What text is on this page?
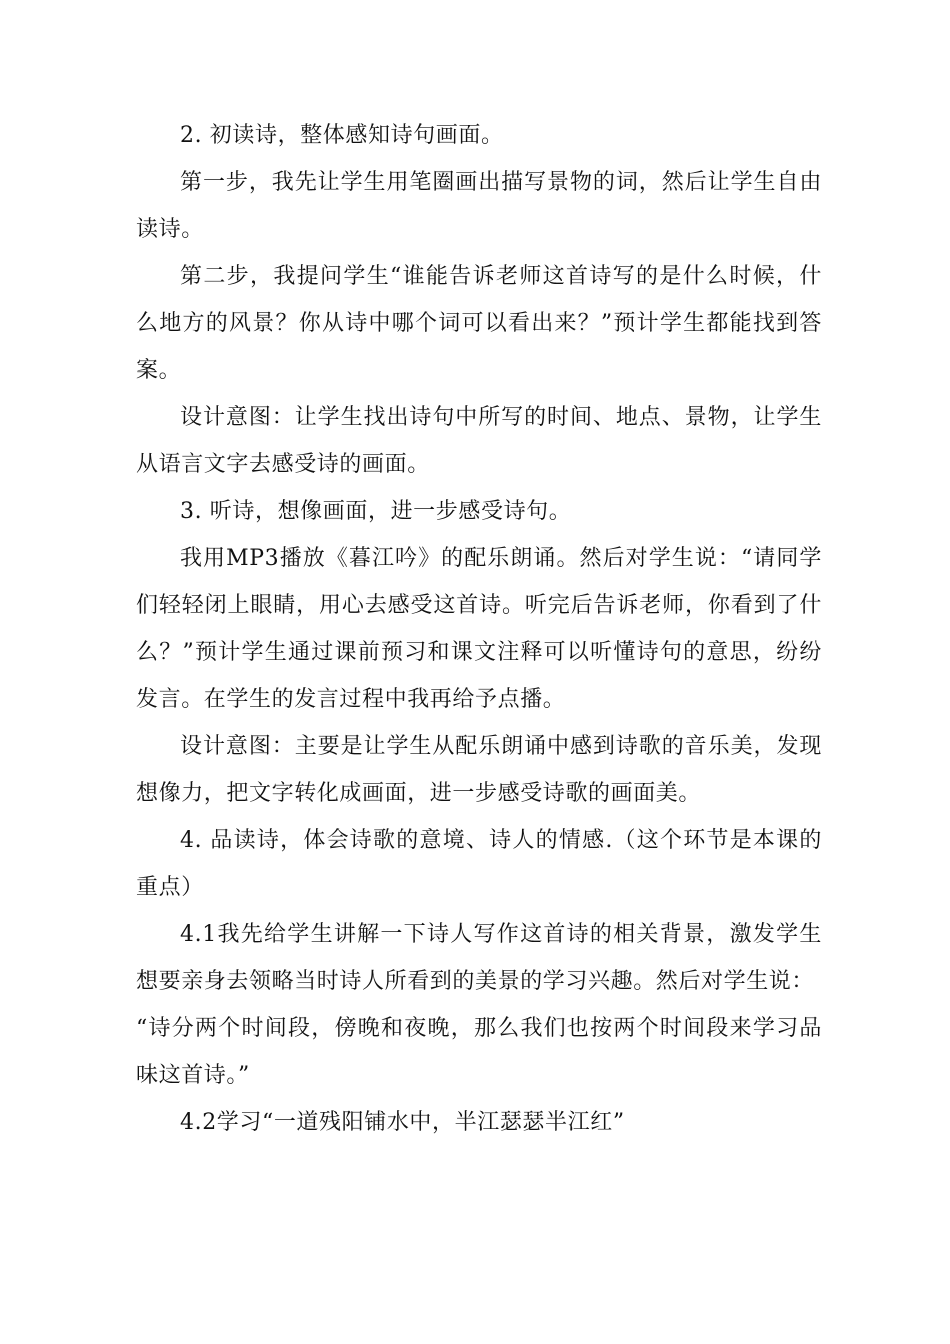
2. 初读诗，整体感知诗句画面。

第一步，我先让学生用笔圈画出描写景物的词，然后让学生自由读诗。

第二步，我提问学生“谁能告诉老师这首诗写的是什么时候，什么地方的风景？你从诗中哪个词可以看出来？”预计学生都能找到答案。

设计意图：让学生找出诗句中所写的时间、地点、景物，让学生从语言文字去感受诗的画面。

3. 听诗，想像画面，进一步感受诗句。

我用MP3播放《暮江吟》的配乐朗诵。然后对学生说：“请同学们轻轻闭上眼睛，用心去感受这首诗。听完后告诉老师，你看到了什么？”预计学生通过课前预习和课文注释可以听懂诗句的意思，纷纷发言。在学生的发言过程中我再给予点播。

设计意图：主要是让学生从配乐朗诵中感到诗歌的音乐美，发现想像力，把文字转化成画面，进一步感受诗歌的画面美。

4. 品读诗，体会诗歌的意境、诗人的情感.（这个环节是本课的重点）

4.1我先给学生讲解一下诗人写作这首诗的相关背景，激发学生想要亲身去领略当时诗人所看到的美景的学习兴趣。然后对学生说：

“诗分两个时间段，傍晚和夜晚，那么我们也按两个时间段来学习品味这首诗。”

4.2学习“一道残阳铺水中，半江瑟瑟半江红”
